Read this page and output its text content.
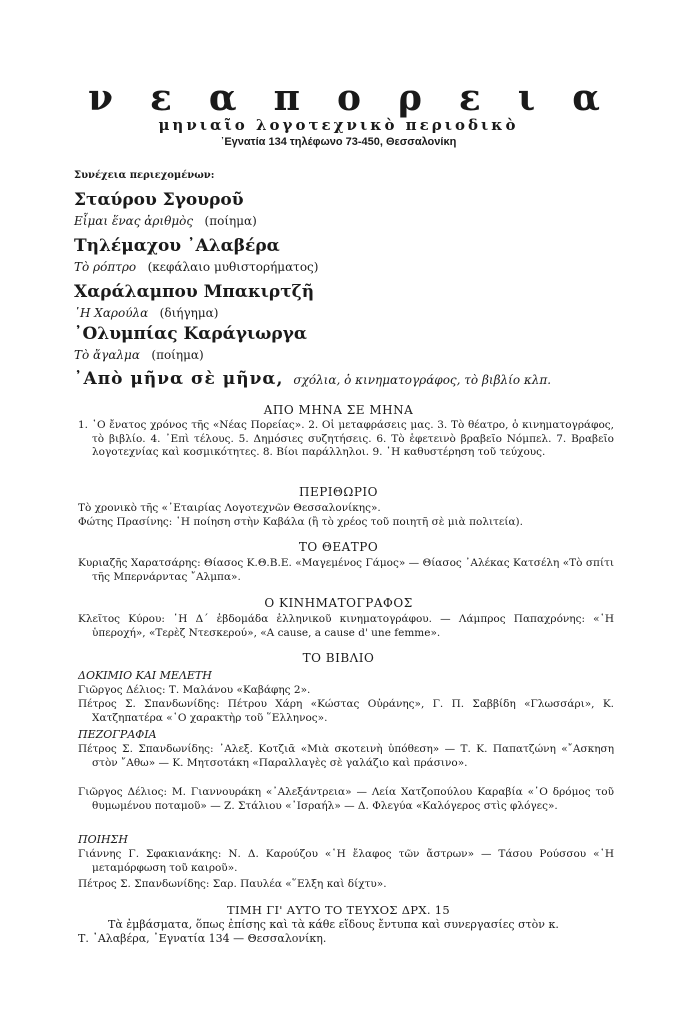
ν ε α π ο ρ ε ι α
μηνιαῖο λογοτεχνικὸ περιοδικὸ
᾿Εγνατία 134 τηλέφωνο 73-450, Θεσσαλονίκη
Συνέχεια περιεχομένων:
Σταύρου Σγουροῦ
Εἶμαι ἕνας ἀριθμὸς (ποίημα)
Τηλέμαχου ᾿Αλαβέρα
Τὸ ρόπτρο (κεφάλαιο μυθιστορήματος)
Χαράλαμπου Μπακιρτζῆ
῾Η Χαρούλα (διήγημα)
᾿Ολυμπίας Καράγιωργα
Τὸ ἄγαλμα (ποίημα)
᾿Απὸ μῆνα σὲ μῆνα, σχόλια, ὁ κινηματογράφος, τὸ βιβλίο κλπ.
ΑΠΟ ΜΗΝΑ ΣΕ ΜΗΝΑ
1. ῾Ο ἔνατος χρόνος τῆς «Νέας Πορείας». 2. Οἱ μεταφράσεις μας. 3. Τὸ θέατρο, ὁ κινηματογράφος, τὸ βιβλίο. 4. ᾿Επὶ τέλους. 5. Δημόσιες συζητήσεις. 6. Τὸ ἑφετεινὸ βραβεῖο Νόμπελ. 7. Βραβεῖο λογοτεχνίας καὶ κοσμικότητες. 8. Βίοι παράλληλοι. 9. ῾Η καθυστέρηση τοῦ τεύχους.
ΠΕΡΙΘΩΡΙΟ
Τὸ χρονικὸ τῆς «᾿Εταιρίας Λογοτεχνῶν Θεσσαλονίκης».
Φώτης Πρασίνης: ῾Η ποίηση στὴν Καβάλα (ἢ τὸ χρέος τοῦ ποιητῆ σὲ μιὰ πολιτεία).
ΤΟ ΘΕΑΤΡΟ
Κυριαζῆς Χαρατσάρης: Θίασος Κ.Θ.Β.Ε. «Μαγεμένος Γάμος» — Θίασος ᾿Αλέκας Κατσέλη «Τὸ σπίτι τῆς Μπερνάρντας ῎Αλμπα».
Ο ΚΙΝΗΜΑΤΟΓΡΑΦΟΣ
Κλεῖτος Κύρου: ῾Η Δ΄ ἑβδομάδα ἑλληνικοῦ κινηματογράφου. — Λάμπρος Παπαχρόνης: «῾Η ὑπεροχή», «Τερὲζ Ντεσκερού», «A cause, a cause d' une femme».
ΤΟ ΒΙΒΛΙΟ
ΔΟΚΙΜΙΟ ΚΑΙ ΜΕΛΕΤΗ
Γιῶργος Δέλιος: Τ. Μαλάνου «Καβάφης 2».
Πέτρος Σ. Σπανδωνίδης: Πέτρου Χάρη «Κώστας Οὐράνης», Γ. Π. Σαββίδη «Γλωσσάρι», Κ. Χατζηπατέρα «῾Ο χαρακτὴρ τοῦ ῞Ελληνος».
ΠΕΖΟΓΡΑΦΙΑ
Πέτρος Σ. Σπανδωνίδης: ᾿Αλεξ. Κοτζιᾶ «Μιὰ σκοτεινὴ ὑπόθεση» — Τ. Κ. Παπατζώνη «῎Ασκηση στὸν ῎Αθω» — Κ. Μητσοτάκη «Παραλλαγὲς σὲ γαλάζιο καὶ πράσινο».
Γιῶργος Δέλιος: Μ. Γιαννουράκη «᾿Αλεξάντρεια» — Λεία Χατζοπούλου Καραβία «῾Ο δρόμος τοῦ θυμωμένου ποταμοῦ» — Ζ. Στάλιου «᾿Ισραήλ» — Δ. Φλεγύα «Καλόγερος στὶς φλόγες».
ΠΟΙΗΣΗ
Γιάννης Γ. Σφακιανάκης: Ν. Δ. Καρούζου «῾Η ἔλαφος τῶν ἄστρων» — Τάσου Ρούσσου «῾Η μεταμόρφωση τοῦ καιροῦ».
Πέτρος Σ. Σπανδωνίδης: Σαρ. Παυλέα «῞Ελξη καὶ δίχτυ».
ΤΙΜΗ ΓΙ' ΑΥΤΟ ΤΟ ΤΕΥΧΟΣ ΔΡΧ. 15
Τὰ ἐμβάσματα, ὅπως ἐπίσης καὶ τὰ κάθε εἴδους ἔντυπα καὶ συνεργασίες στὸν κ.
Τ. ᾿Αλαβέρα, ᾿Εγνατία 134 — Θεσσαλονίκη.
